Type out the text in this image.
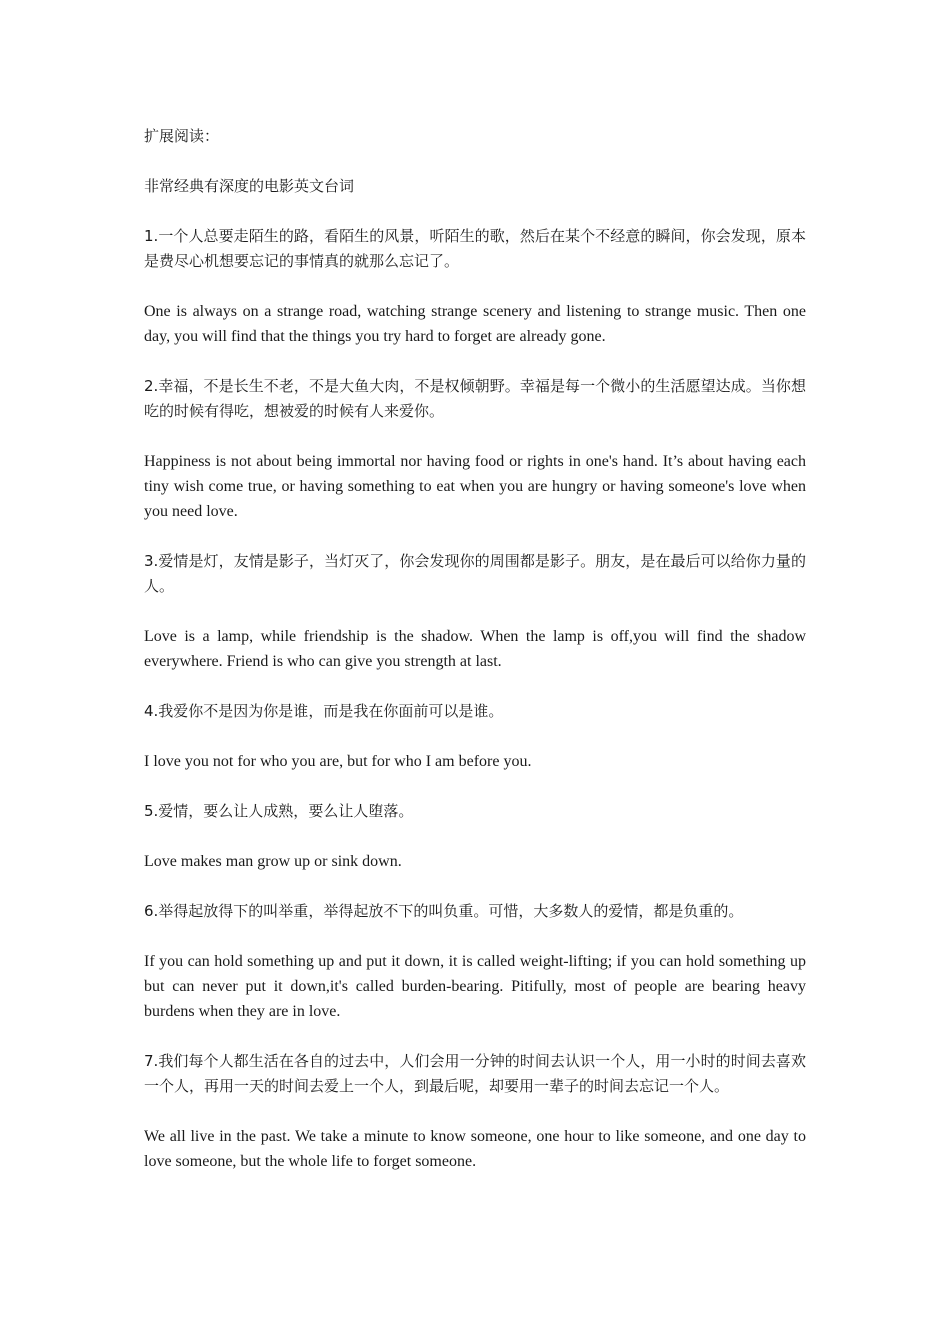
扩展阅读：

非常经典有深度的电影英文台词

1.一个人总要走陌生的路，看陌生的风景，听陌生的歌，然后在某个不经意的瞬间，你会发现，原本是费尽心机想要忘记的事情真的就那么忘记了。

One is always on a strange road, watching strange scenery and listening to strange music. Then one day, you will find that the things you try hard to forget are already gone.

2.幸福，不是长生不老，不是大鱼大肉，不是权倾朝野。幸福是每一个微小的生活愿望达成。当你想吃的时候有得吃，想被爱的时候有人来爱你。

Happiness is not about being immortal nor having food or rights in one's hand. It’s about having each tiny wish come true, or having something to eat when you are hungry or having someone's love when you need love.

3.爱情是灯，友情是影子，当灯灭了，你会发现你的周围都是影子。朋友，是在最后可以给你力量的人。

Love is a lamp, while friendship is the shadow. When the lamp is off,you will find the shadow everywhere. Friend is who can give you strength at last.

4.我爱你不是因为你是谁，而是我在你面前可以是谁。

I love you not for who you are, but for who I am before you.

5.爱情，要么让人成熟，要么让人堕落。

Love makes man grow up or sink down.

6.举得起放得下的叫举重，举得起放不下的叫负重。可惜，大多数人的爱情，都是负重的。

If you can hold something up and put it down, it is called weight-lifting; if you can hold something up but can never put it down,it's called burden-bearing. Pitifully, most of people are bearing heavy burdens when they are in love.

7.我们每个人都生活在各自的过去中，人们会用一分钟的时间去认识一个人，用一小时的时间去喜欢一个人，再用一天的时间去爱上一个人，到最后呢，却要用一辈子的时间去忘记一个人。

We all live in the past. We take a minute to know someone, one hour to like someone, and one day to love someone, but the whole life to forget someone.
